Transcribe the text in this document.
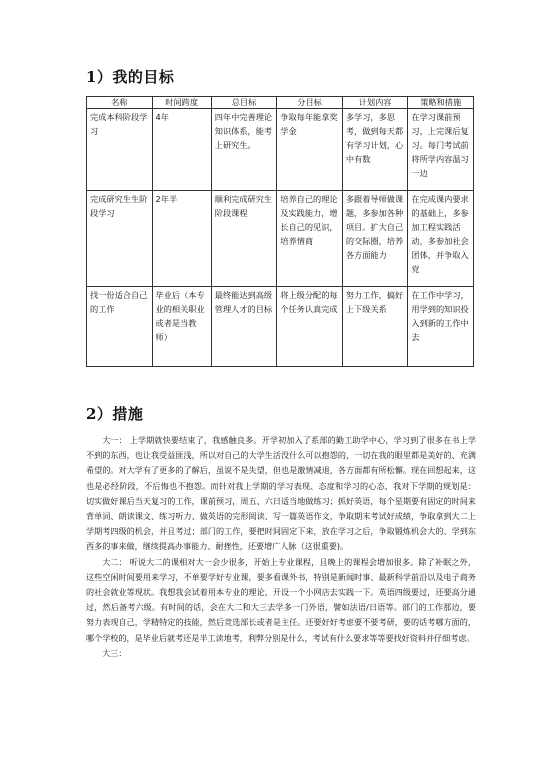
1）我的目标
名称	时间跨度	总目标	分目标	计划内容	策略和措施
完成本科阶段学习	4年	四年中完善理论知识体系，能考上研究生。	争取每年能拿奖学金	多学习，多思考，做到每天都有学习计划，心中有数	在学习课前预习，上完课后复习。每门考试前将所学内容温习一边
完成研究生生阶段学习	2年半	顺利完成研究生阶段课程	培养自己的理论及实践能力，增长自己的见识，培养情商	多跟着导师做课题，多参加各种项目。扩大自己的交际圈，培养各方面能力	在完成课内要求的基础上，多参加工程实践活动，多参加社会团体，并争取入党
找一份适合自己的工作	毕业后（本专业的相关职业或者是当教师）	最终能达到高级管理人才的目标	将上级分配的每个任务认真完成	努力工作，搞好上下级关系	在工作中学习，用学到的知识投入到新的工作中去
2）措施

大一： 上学期就快要结束了，我感触良多。开学初加入了系部的勤工助学中心，学习到了很多在书上学不到的东西，也让我受益匪浅，所以对自己的大学生活没什么可以抱怨的，一切在我的眼里都是美好的、充满希望的。对大学有了更多的了解后，虽说不是失望，但也是激情减退，各方面都有所松懈。现在回想起来，这也是必经阶段，不后悔也不抱怨。而针对我上学期的学习表现、态度和学习的心态，我对下学期的规划是： 切实做好课后当天复习的工作，课前预习，周五、六日适当地做练习；抓好英语，每个星期要有固定的时间来背单词、朗读课文、练习听力、做英语的完形阅读、写一篇英语作文，争取期末考试好成绩，争取拿到大二上学期考四级的机会，并且考过；部门的工作，要把时间固定下来，放在学习之后，争取锻炼机会大的、学到东西多的事来做，继续提高办事能力、耐挫性，还要增广人脉（这很重要)。

大二： 听说大二的课相对大一会少很多，开始上专业课程，且晚上的课程会增加很多。除了补眠之外，这些空闲时间要用来学习，不单要学好专业课，要多看课外书，特别是新闻时事、最新科学前沿以及电子商务的社会就业等现状。我想我会试着用本专业的理论，开设一个小网店去实践一下。英语四级要过，还要高分通过，然后备考六级。有时间的话，会在大二和大三去学多一门外语，譬如法语/日语等。部门的工作那边，要努力表现自己，学精特定的技能，然后竞选部长或者是主任。还要好好考虑要不要考研，要的话考哪方面的，哪个学校的，是毕业后就考还是半工读地考，利弊分别是什么，考试有什么要求等等要找好资料并仔细考虑。

大三：
